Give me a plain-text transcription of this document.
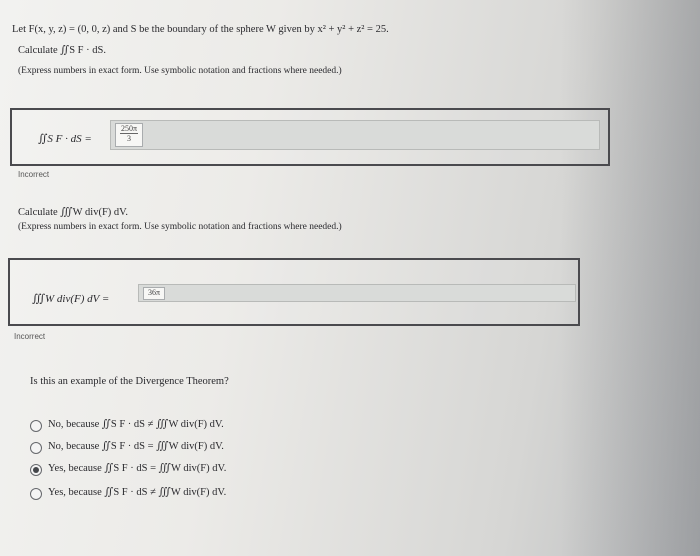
Let F(x, y, z) = (0, 0, z) and S be the boundary of the sphere W given by x² + y² + z² = 25.
Calculate ∬S F · dS.
(Express numbers in exact form. Use symbolic notation and fractions where needed.)
∬S F · dS =	$\frac{250\pi}{3}$
Incorrect
Calculate ∭W div(F) dV.
(Express numbers in exact form. Use symbolic notation and fractions where needed.)
∭W div(F) dV =
36π
Incorrect
Is this an example of the Divergence Theorem?
No, because ∬S F · dS ≠ ∭W div(F) dV.
No, because ∬S F · dS = ∭W div(F) dV.
Yes, because ∬S F · dS = ∭W div(F) dV.
Yes, because ∬S F · dS ≠ ∭W div(F) dV.
